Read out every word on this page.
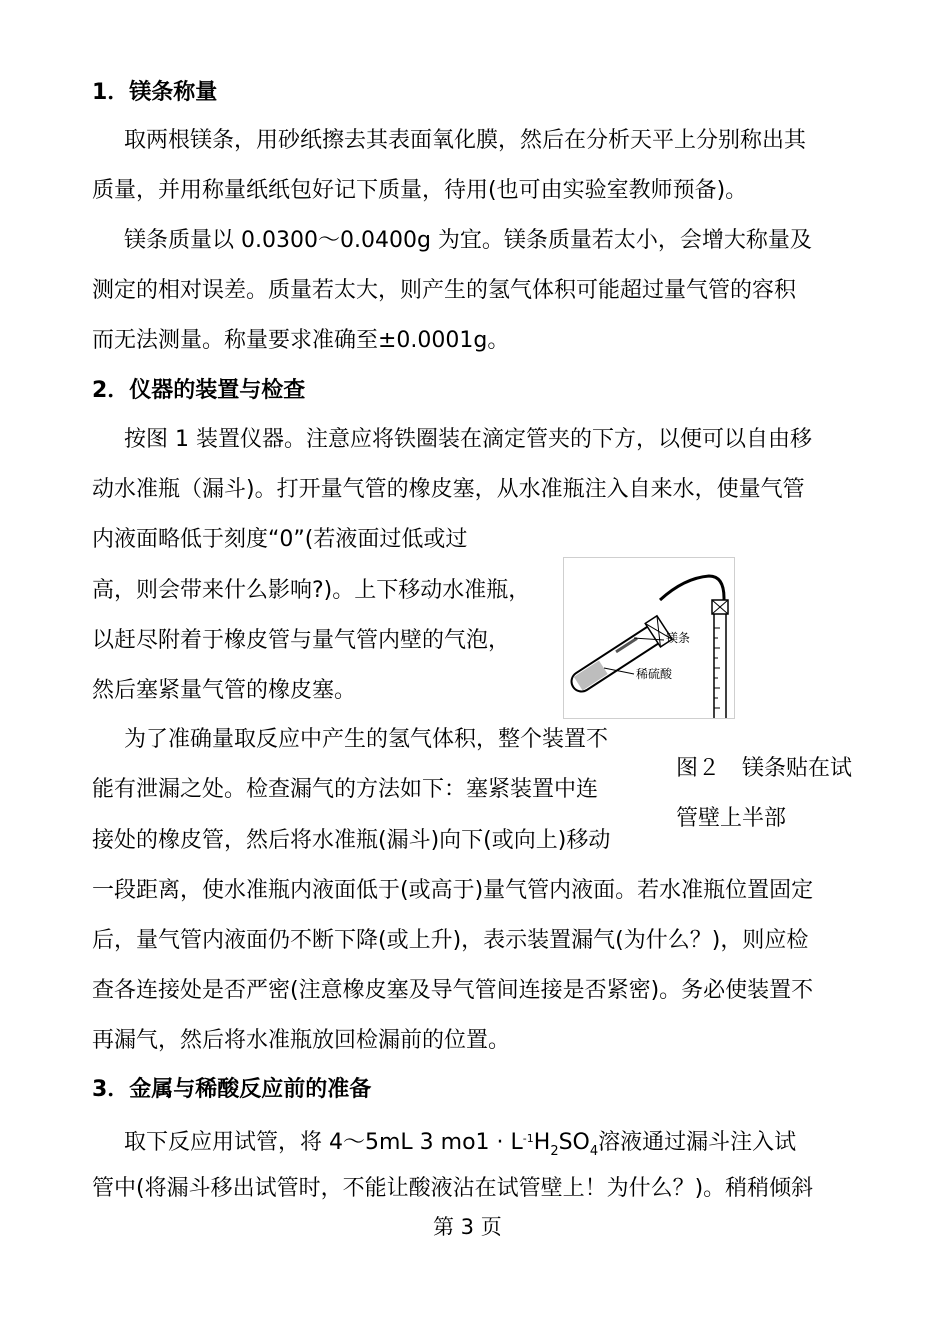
1．镁条称量
取两根镁条，用砂纸擦去其表面氧化膜，然后在分析天平上分别称出其
质量，并用称量纸纸包好记下质量，待用(也可由实验室教师预备)。
镁条质量以 0.0300～0.0400g 为宜。镁条质量若太小，会增大称量及
测定的相对误差。质量若太大，则产生的氢气体积可能超过量气管的容积
而无法测量。称量要求准确至±0.0001g。
2．仪器的装置与检查
按图 1 装置仪器。注意应将铁圈装在滴定管夹的下方，以便可以自由移
动水准瓶（漏斗)。打开量气管的橡皮塞，从水准瓶注入自来水，使量气管
内液面略低于刻度“0”(若液面过低或过
高，则会带来什么影响?)。上下移动水准瓶，
以赶尽附着于橡皮管与量气管内壁的气泡，
然后塞紧量气管的橡皮塞。
镁条
稀硫酸
为了准确量取反应中产生的氢气体积，整个装置不
能有泄漏之处。检查漏气的方法如下：塞紧装置中连
接处的橡皮管，然后将水准瓶(漏斗)向下(或向上)移动
图２　镁条贴在试
管壁上半部
一段距离，使水准瓶内液面低于(或高于)量气管内液面。若水准瓶位置固定
后，量气管内液面仍不断下降(或上升)，表示装置漏气(为什么？)，则应检
查各连接处是否严密(注意橡皮塞及导气管间连接是否紧密)。务必使装置不
再漏气，然后将水准瓶放回检漏前的位置。
3．金属与稀酸反应前的准备
取下反应用试管，将 4～5mL 3 $mo1 \cdot L^{-1}H_2SO_4$溶液通过漏斗注入试
管中(将漏斗移出试管时，不能让酸液沾在试管壁上！为什么？)。稍稍倾斜
第 3 页
